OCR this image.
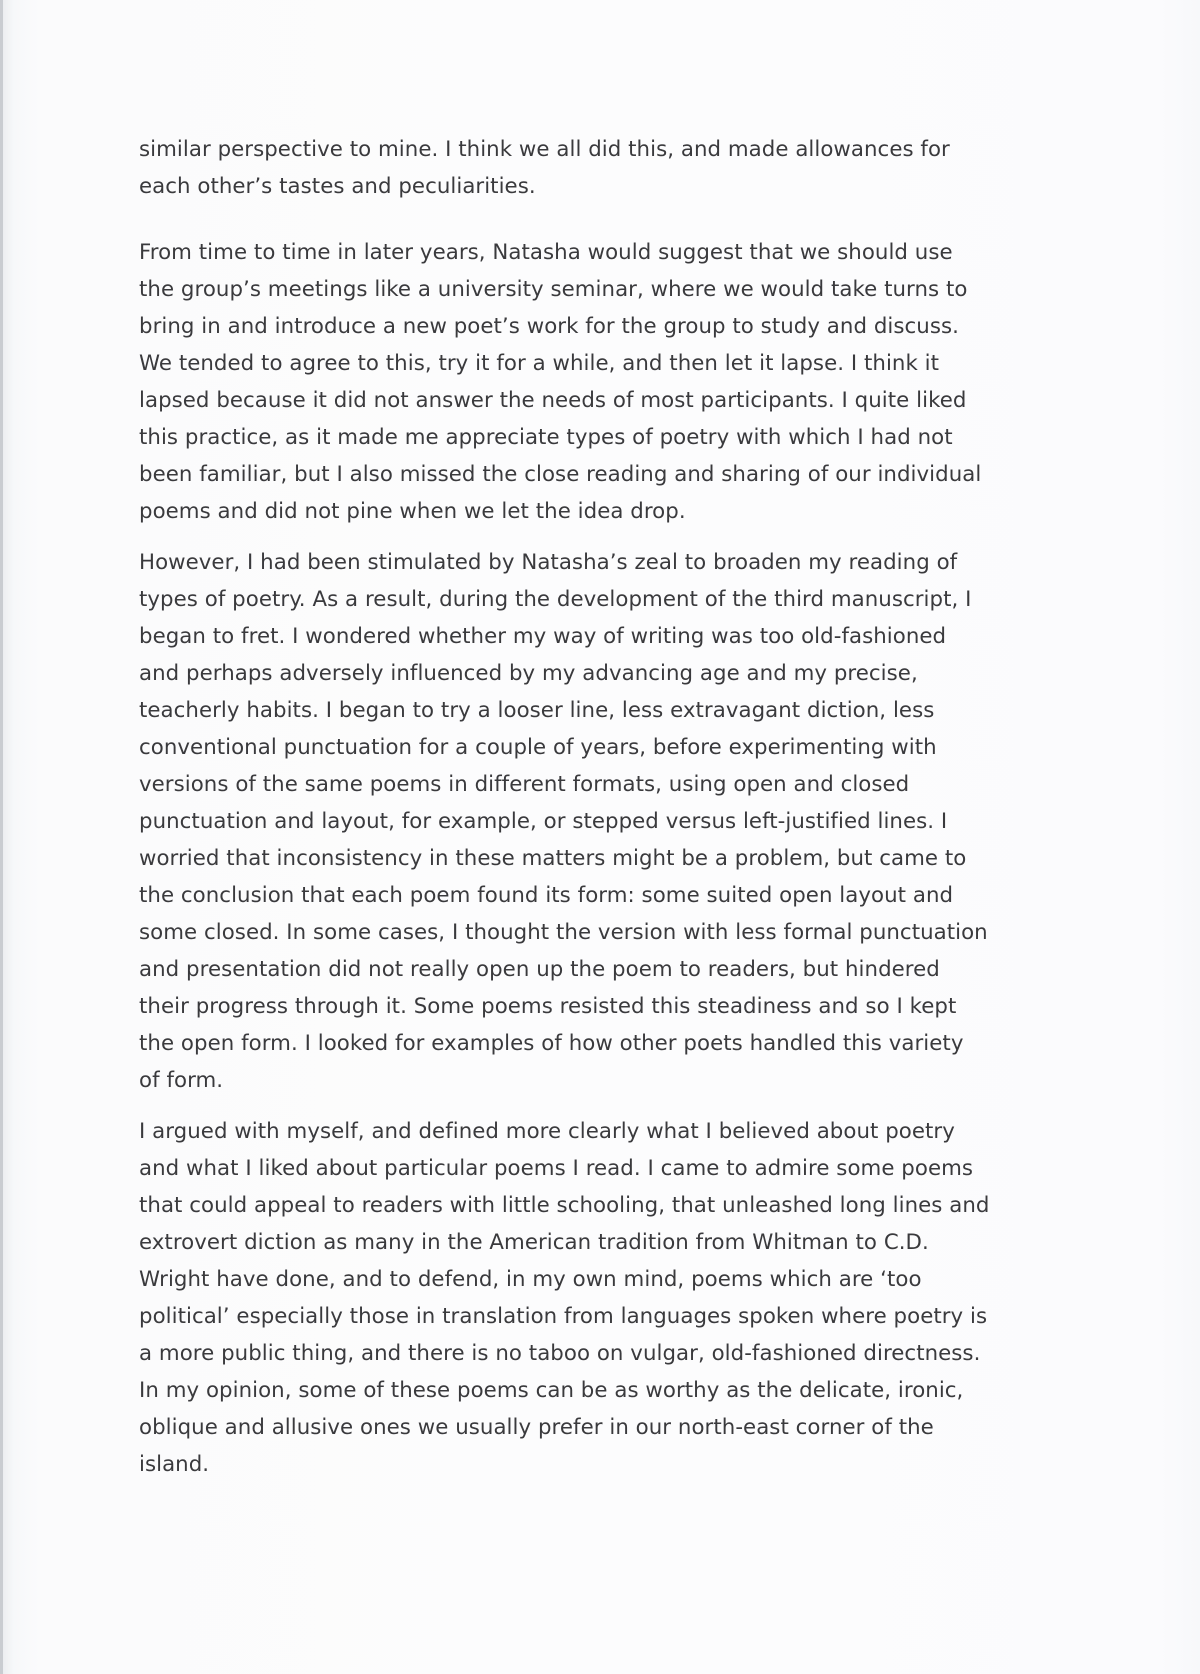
similar perspective to mine. I think we all did this, and made allowances for
each other’s tastes and peculiarities.

From time to time in later years, Natasha would suggest that we should use
the group’s meetings like a university seminar, where we would take turns to
bring in and introduce a new poet’s work for the group to study and discuss.
We tended to agree to this, try it for a while, and then let it lapse. I think it
lapsed because it did not answer the needs of most participants. I quite liked
this practice, as it made me appreciate types of poetry with which I had not
been familiar, but I also missed the close reading and sharing of our individual
poems and did not pine when we let the idea drop.

However, I had been stimulated by Natasha’s zeal to broaden my reading of
types of poetry. As a result, during the development of the third manuscript, I
began to fret. I wondered whether my way of writing was too old-fashioned
and perhaps adversely influenced by my advancing age and my precise,
teacherly habits. I began to try a looser line, less extravagant diction, less
conventional punctuation for a couple of years, before experimenting with
versions of the same poems in different formats, using open and closed
punctuation and layout, for example, or stepped versus left-justified lines. I
worried that inconsistency in these matters might be a problem, but came to
the conclusion that each poem found its form: some suited open layout and
some closed. In some cases, I thought the version with less formal punctuation
and presentation did not really open up the poem to readers, but hindered
their progress through it. Some poems resisted this steadiness and so I kept
the open form. I looked for examples of how other poets handled this variety
of form.

I argued with myself, and defined more clearly what I believed about poetry
and what I liked about particular poems I read. I came to admire some poems
that could appeal to readers with little schooling, that unleashed long lines and
extrovert diction as many in the American tradition from Whitman to C.D.
Wright have done, and to defend, in my own mind, poems which are ‘too
political’ especially those in translation from languages spoken where poetry is
a more public thing, and there is no taboo on vulgar, old-fashioned directness.
In my opinion, some of these poems can be as worthy as the delicate, ironic,
oblique and allusive ones we usually prefer in our north-east corner of the
island.
